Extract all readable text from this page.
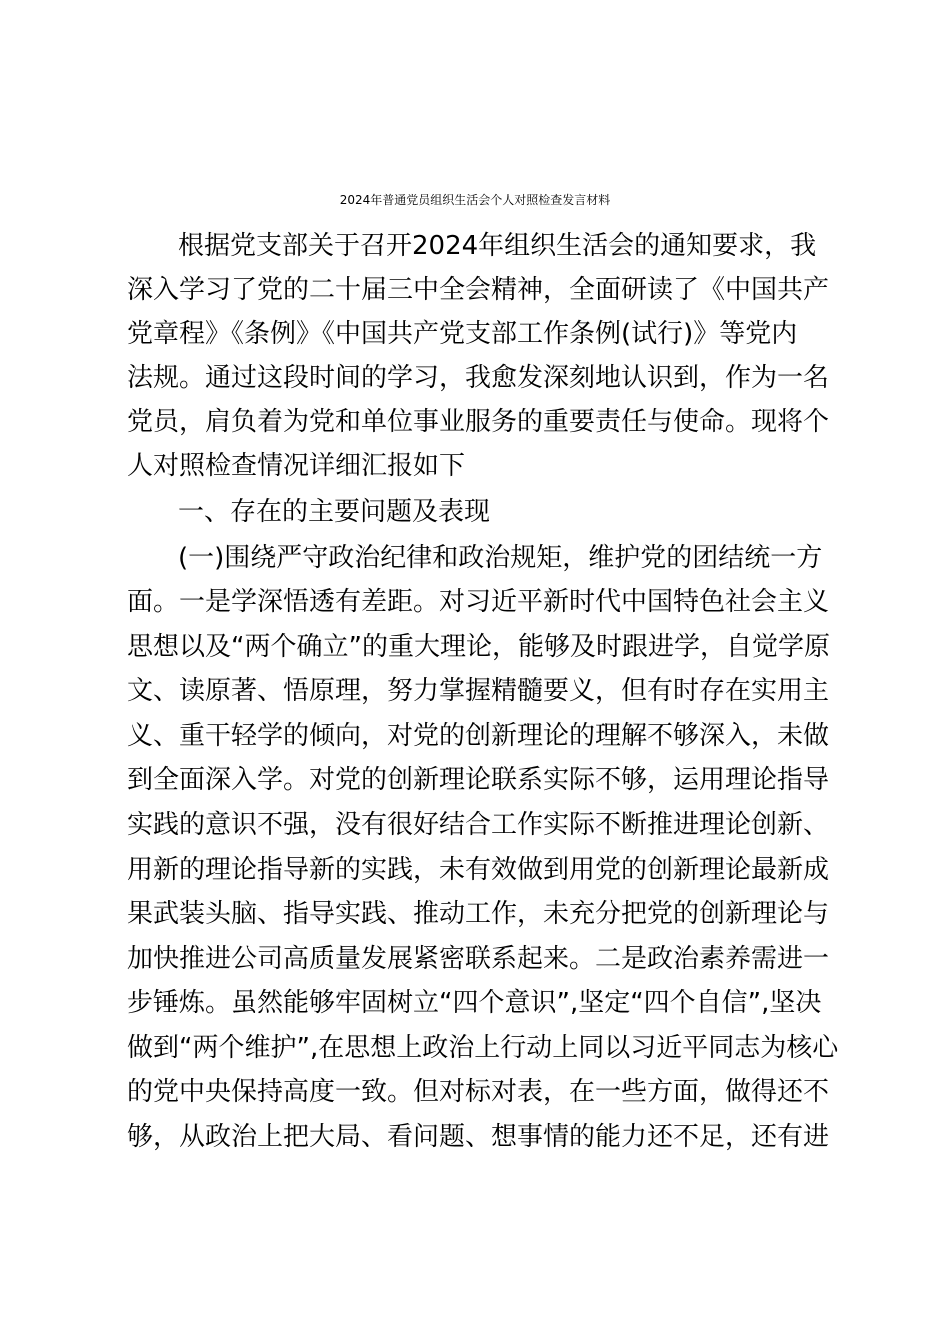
2024年普通党员组织生活会个人对照检查发言材料
根据党支部关于召开2024年组织生活会的通知要求，我
深入学习了党的二十届三中全会精神，全面研读了《中国共产
党章程》《条例》《中国共产党支部工作条例(试行)》等党内
法规。通过这段时间的学习，我愈发深刻地认识到，作为一名
党员，肩负着为党和单位事业服务的重要责任与使命。现将个
人对照检查情况详细汇报如下
一、存在的主要问题及表现
(一)围绕严守政治纪律和政治规矩，维护党的团结统一方
面。一是学深悟透有差距。对习近平新时代中国特色社会主义
思想以及“两个确立”的重大理论，能够及时跟进学，自觉学原
文、读原著、悟原理，努力掌握精髓要义，但有时存在实用主
义、重干轻学的倾向，对党的创新理论的理解不够深入，未做
到全面深入学。对党的创新理论联系实际不够，运用理论指导
实践的意识不强，没有很好结合工作实际不断推进理论创新、
用新的理论指导新的实践，未有效做到用党的创新理论最新成
果武装头脑、指导实践、推动工作，未充分把党的创新理论与
加快推进公司高质量发展紧密联系起来。二是政治素养需进一
步锤炼。虽然能够牢固树立“四个意识”,坚定“四个自信”,坚决
做到“两个维护”,在思想上政治上行动上同以习近平同志为核心
的党中央保持高度一致。但对标对表，在一些方面，做得还不
够，从政治上把大局、看问题、想事情的能力还不足，还有进
